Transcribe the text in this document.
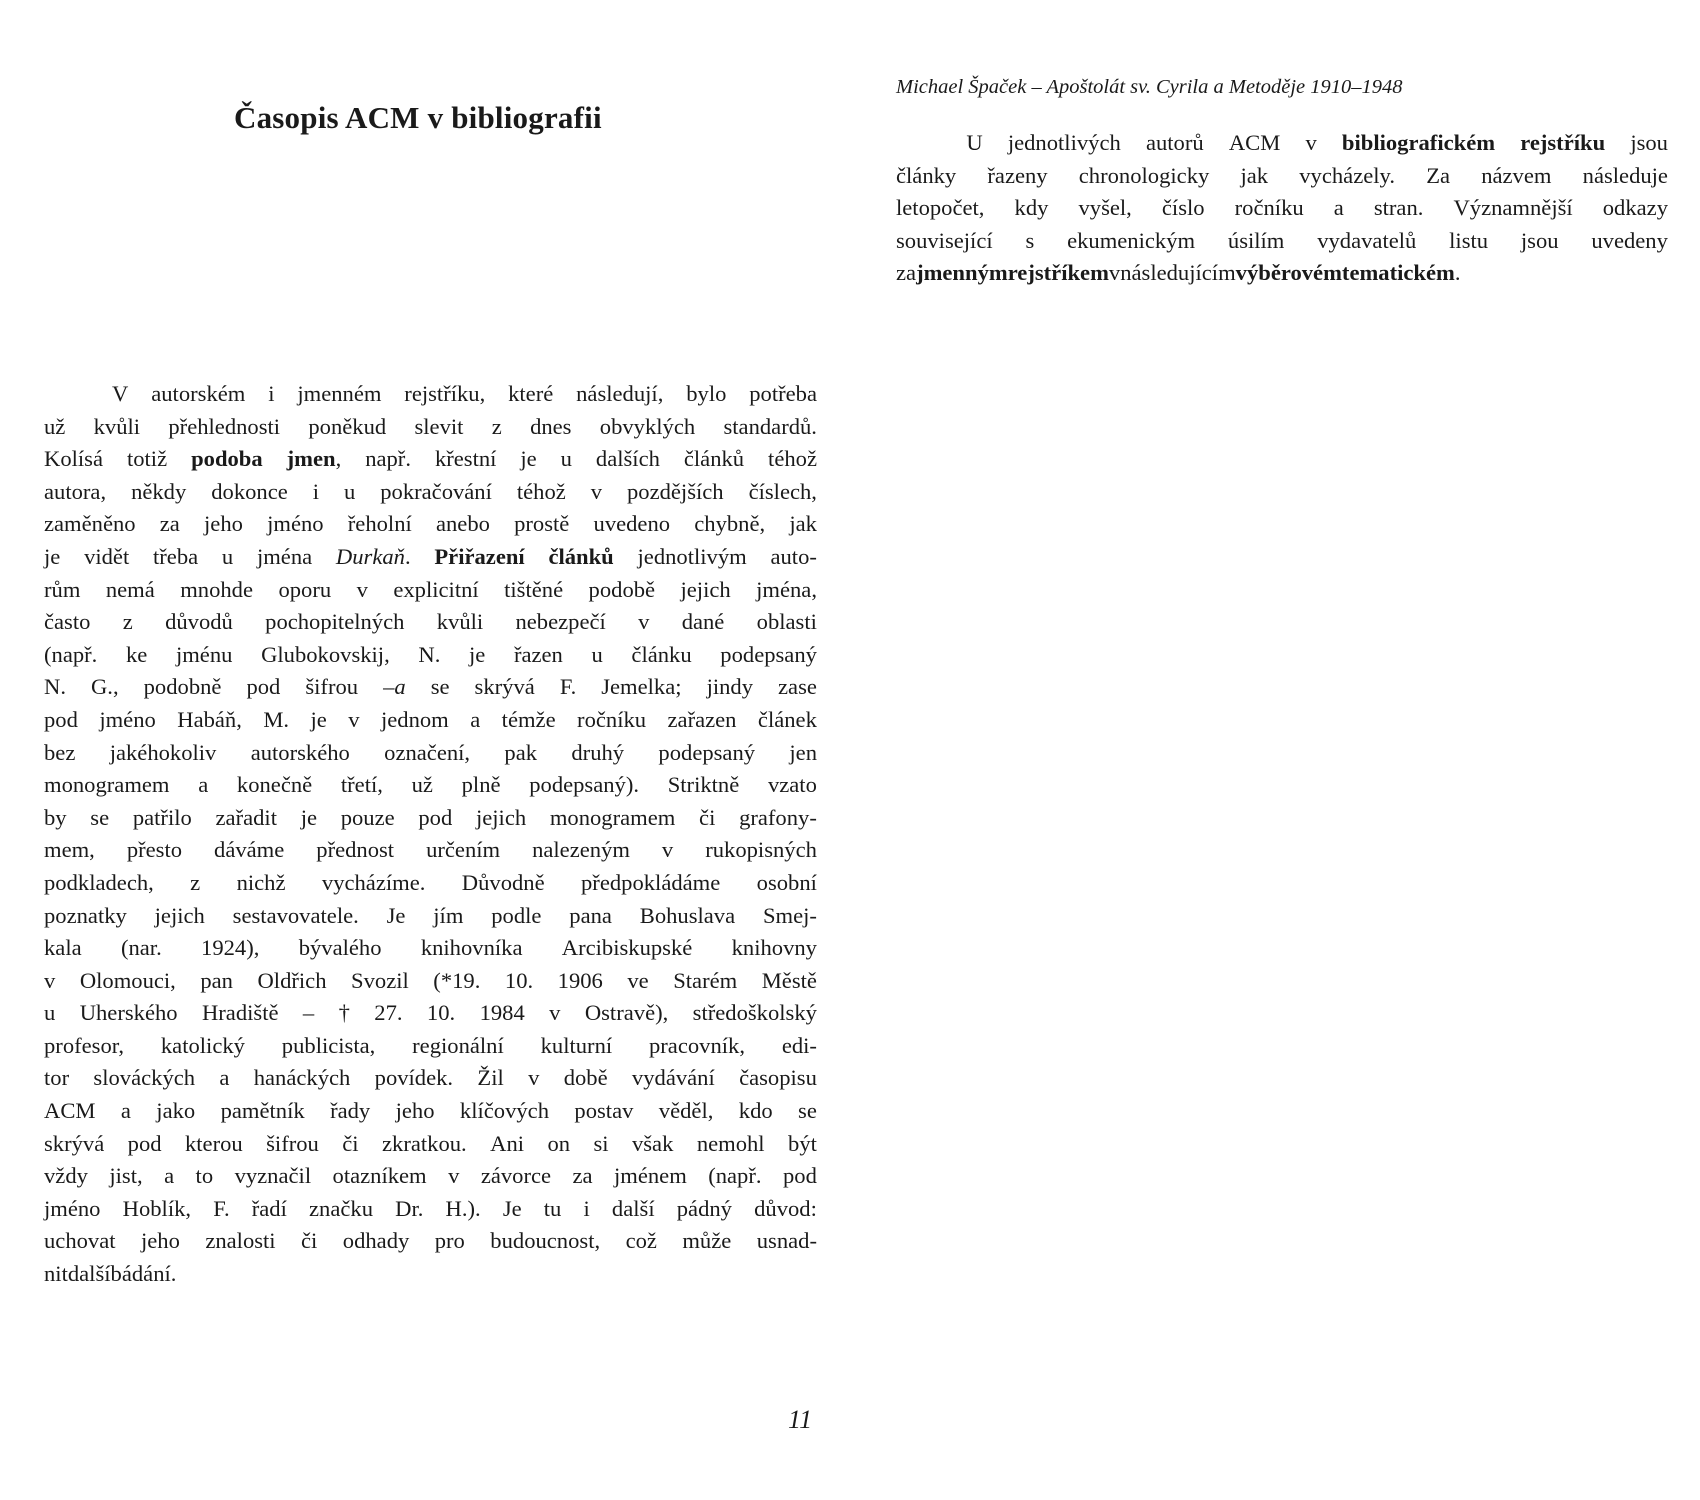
Časopis ACM v bibliografii
Michael Špaček – Apoštolát sv. Cyrila a Metoděje 1910–1948

U jednotlivých autorů ACM v bibliografickém rejstříku jsou
články řazeny chronologicky jak vycházely. Za názvem následuje
letopočet, kdy vyšel, číslo ročníku a stran. Významnější odkazy
související s ekumenickým úsilím vydavatelů listu jsou uvedeny
za jmenným rejstříkem v následujícím výběrovém tematickém.

V autorském i jmenném rejstříku, které následují, bylo potřeba
už kvůli přehlednosti poněkud slevit z dnes obvyklých standardů.
Kolísá totiž podoba jmen, např. křestní je u dalších článků téhož
autora, někdy dokonce i u pokračování téhož v pozdějších číslech,
zaměněno za jeho jméno řeholní anebo prostě uvedeno chybně, jak
je vidět třeba u jména Durkaň. Přiřazení článků jednotlivým auto-
rům nemá mnohde oporu v explicitní tištěné podobě jejich jména,
často z důvodů pochopitelných kvůli nebezpečí v dané oblasti
(např. ke jménu Glubokovskij, N. je řazen u článku podepsaný
N. G., podobně pod šifrou –a se skrývá F. Jemelka; jindy zase
pod jméno Habáň, M. je v jednom a témže ročníku zařazen článek
bez jakéhokoliv autorského označení, pak druhý podepsaný jen
monogramem a konečně třetí, už plně podepsaný). Striktně vzato
by se patřilo zařadit je pouze pod jejich monogramem či grafony-
mem, přesto dáváme přednost určením nalezeným v rukopisných
podkladech, z nichž vycházíme. Důvodně předpokládáme osobní
poznatky jejich sestavovatele. Je jím podle pana Bohuslava Smej-
kala (nar. 1924), bývalého knihovníka Arcibiskupské knihovny
v Olomouci, pan Oldřich Svozil (*19. 10. 1906 ve Starém Městě
u Uherského Hradiště – † 27. 10. 1984 v Ostravě), středoškolský
profesor, katolický publicista, regionální kulturní pracovník, edi-
tor slováckých a hanáckých povídek. Žil v době vydávání časopisu
ACM a jako pamětník řady jeho klíčových postav věděl, kdo se
skrývá pod kterou šifrou či zkratkou. Ani on si však nemohl být
vždy jist, a to vyznačil otazníkem v závorce za jménem (např. pod
jméno Hoblík, F. řadí značku Dr. H.). Je tu i další pádný důvod:
uchovat jeho znalosti či odhady pro budoucnost, což může usnad-
nit další bádání.
11
